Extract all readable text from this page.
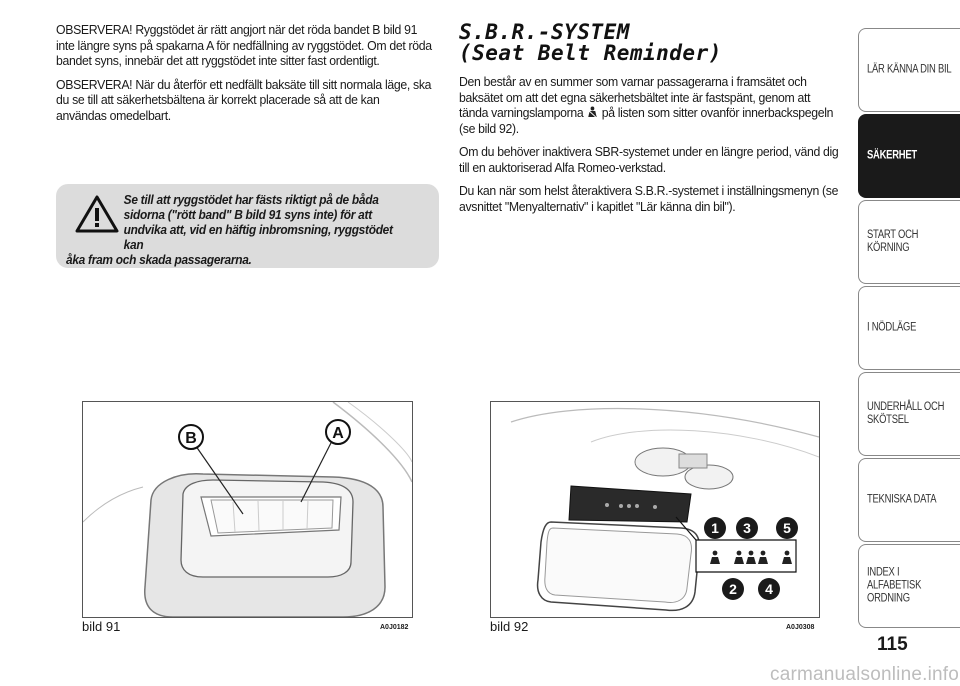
OBSERVERA! Ryggstödet är rätt angjort när det röda bandet B bild 91 inte längre syns på spakarna A för nedfällning av ryggstödet. Om det röda bandet syns, innebär det att ryggstödet inte sitter fast ordentligt.

OBSERVERA! När du återför ett nedfällt baksäte till sitt normala läge, ska du se till att säkerhetsbältena är korrekt placerade så att de kan användas omedelbart.

Se till att ryggstödet har fästs riktigt på de båda
sidorna ("rött band" B bild 91 syns inte) för att
undvika att, vid en häftig inbromsning, ryggstödet kan
åka fram och skada passagerarna.
S.B.R.-SYSTEM
(Seat Belt Reminder)

Den består av en summer som varnar passagerarna i framsätet och baksätet om att det egna säkerhetsbältet inte är fastspänt, genom att tända varningslamporna på listen som sitter ovanför innerbackspegeln (se bild 92).

Om du behöver inaktivera SBR-systemet under en längre period, vänd dig till en auktoriserad Alfa Romeo-verkstad.

Du kan när som helst återaktivera S.B.R.-systemet i inställningsmenyn (se avsnittet "Menyalternativ" i kapitlet "Lär känna din bil").

B	A
bild 91	A0J0182
1
2
3
4
5
bild 92	A0J0308
LÄR KÄNNA DIN BIL
SÄKERHET
START OCH KÖRNING
I NÖDLÄGE
UNDERHÅLL OCH SKÖTSEL
TEKNISKA DATA
INDEX I ALFABETISK ORDNING
115
carmanualsonline.info
